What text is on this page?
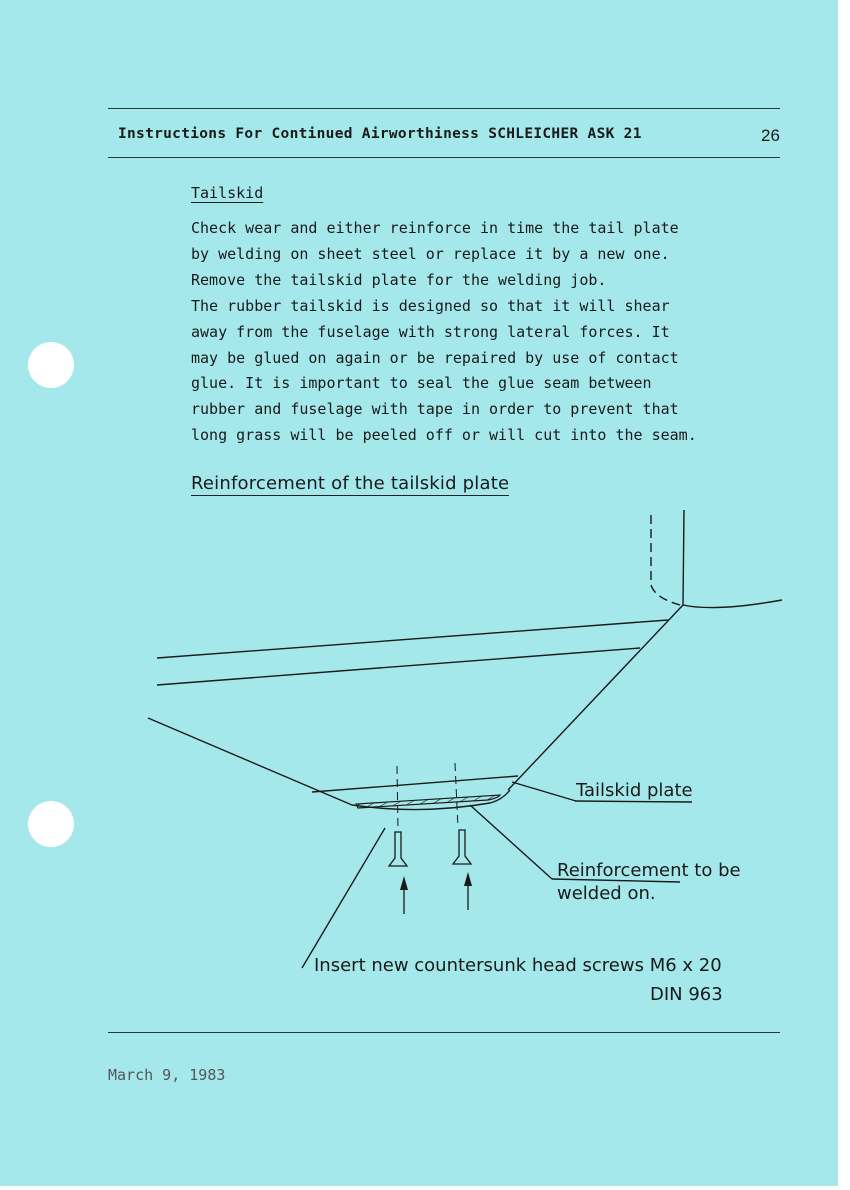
Instructions For Continued Airworthiness SCHLEICHER ASK 21	26
Tailskid
Check wear and either reinforce in time the tail plate
by welding on sheet steel or replace it by a new one.
Remove the tailskid plate for the welding job.
The rubber tailskid is designed so that it will shear
away from the fuselage with strong lateral forces. It
may be glued on again or be repaired by use of contact
glue. It is important to seal the glue seam between
rubber and fuselage with tape in order to prevent that
long grass will be peeled off or will cut into the seam.
Reinforcement of the tailskid plate
Tailskid plate
Reinforcement to be
welded on.
Insert new countersunk head screws M6 x 20
DIN 963
March 9, 1983
